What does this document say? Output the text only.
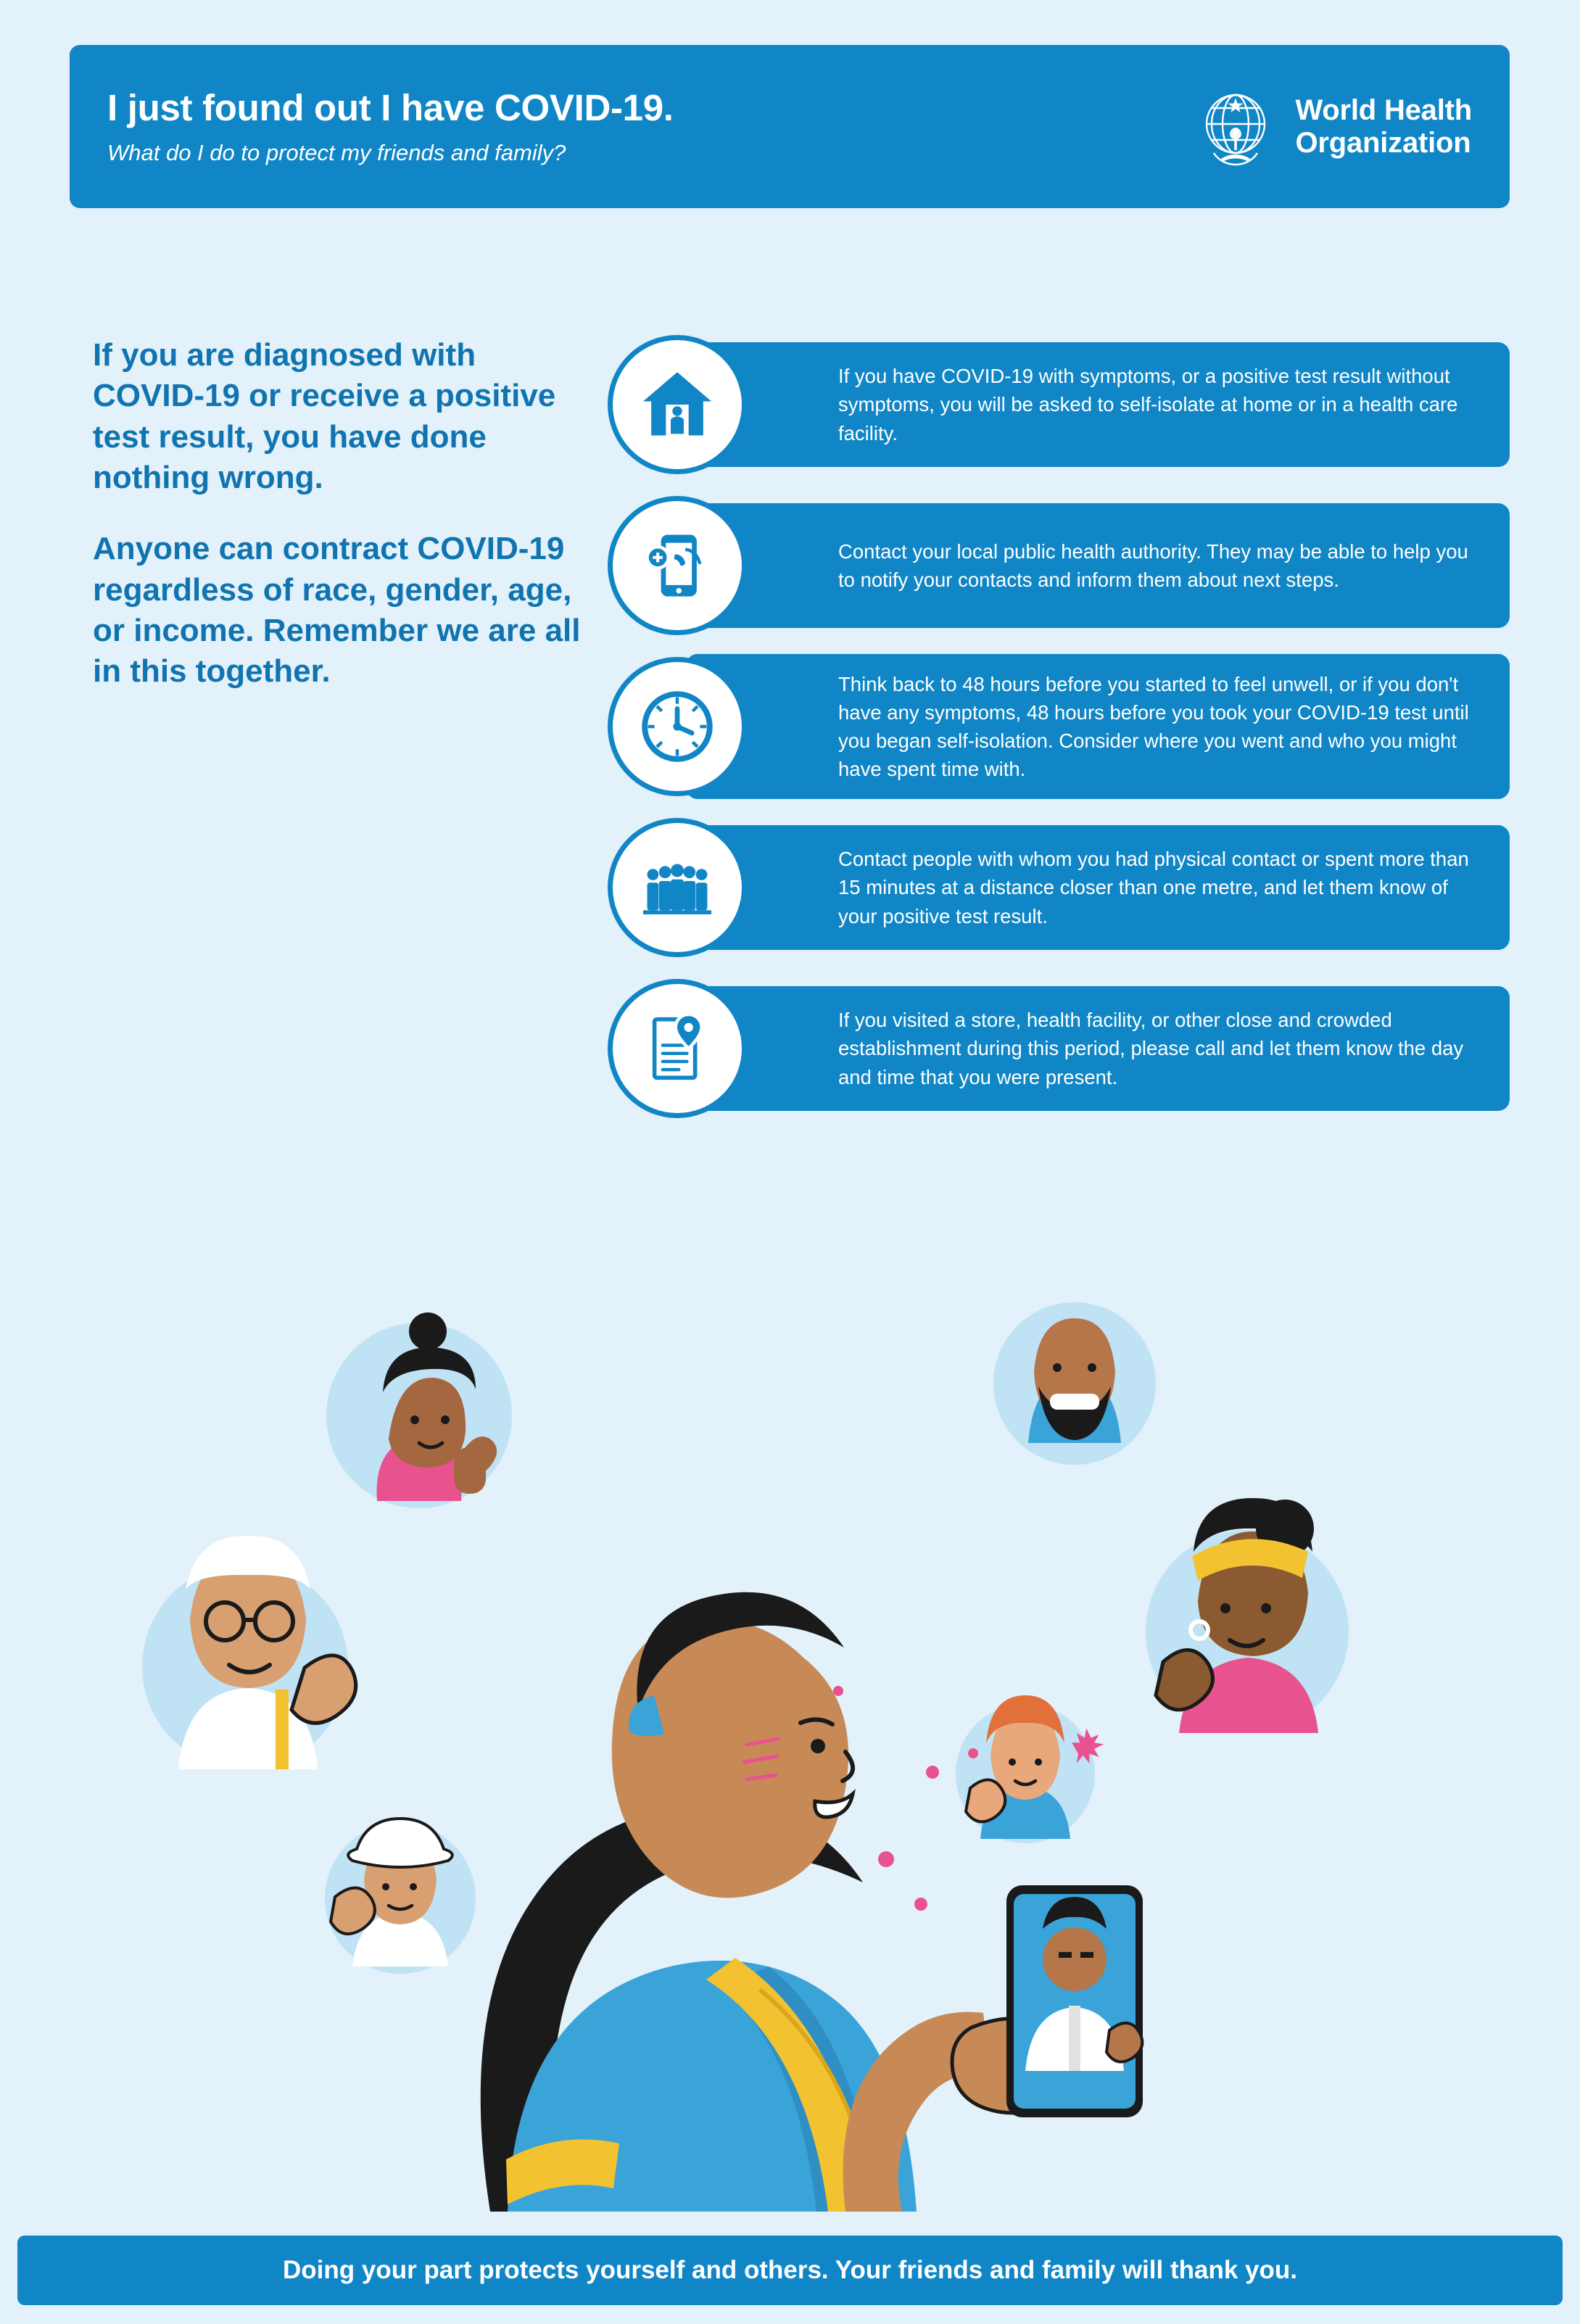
I just found out I have COVID-19.
What do I do to protect my friends and family?
World Health
Organization

If you are diagnosed with COVID-19 or receive a positive test result, you have done nothing wrong.

Anyone can contract COVID-19 regardless of race, gender, age, or income. Remember we are all in this together.

If you have COVID-19 with symptoms, or a positive test result without symptoms, you will be asked to self-isolate at home or in a health care facility.
Contact your local public health authority. They may be able to help you to notify your contacts and inform them about next steps.
Think back to 48 hours before you started to feel unwell, or if you don't have any symptoms, 48 hours before you took your COVID-19 test until you began self-isolation. Consider where you went and who you might have spent time with.
Contact people with whom you had physical contact or spent more than 15 minutes at a distance closer than one metre, and let them know of your positive test result.
If you visited a store, health facility, or other close and crowded establishment during this period, please call and let them know the day and time that you were present.
Doing your part protects yourself and others. Your friends and family will thank you.
